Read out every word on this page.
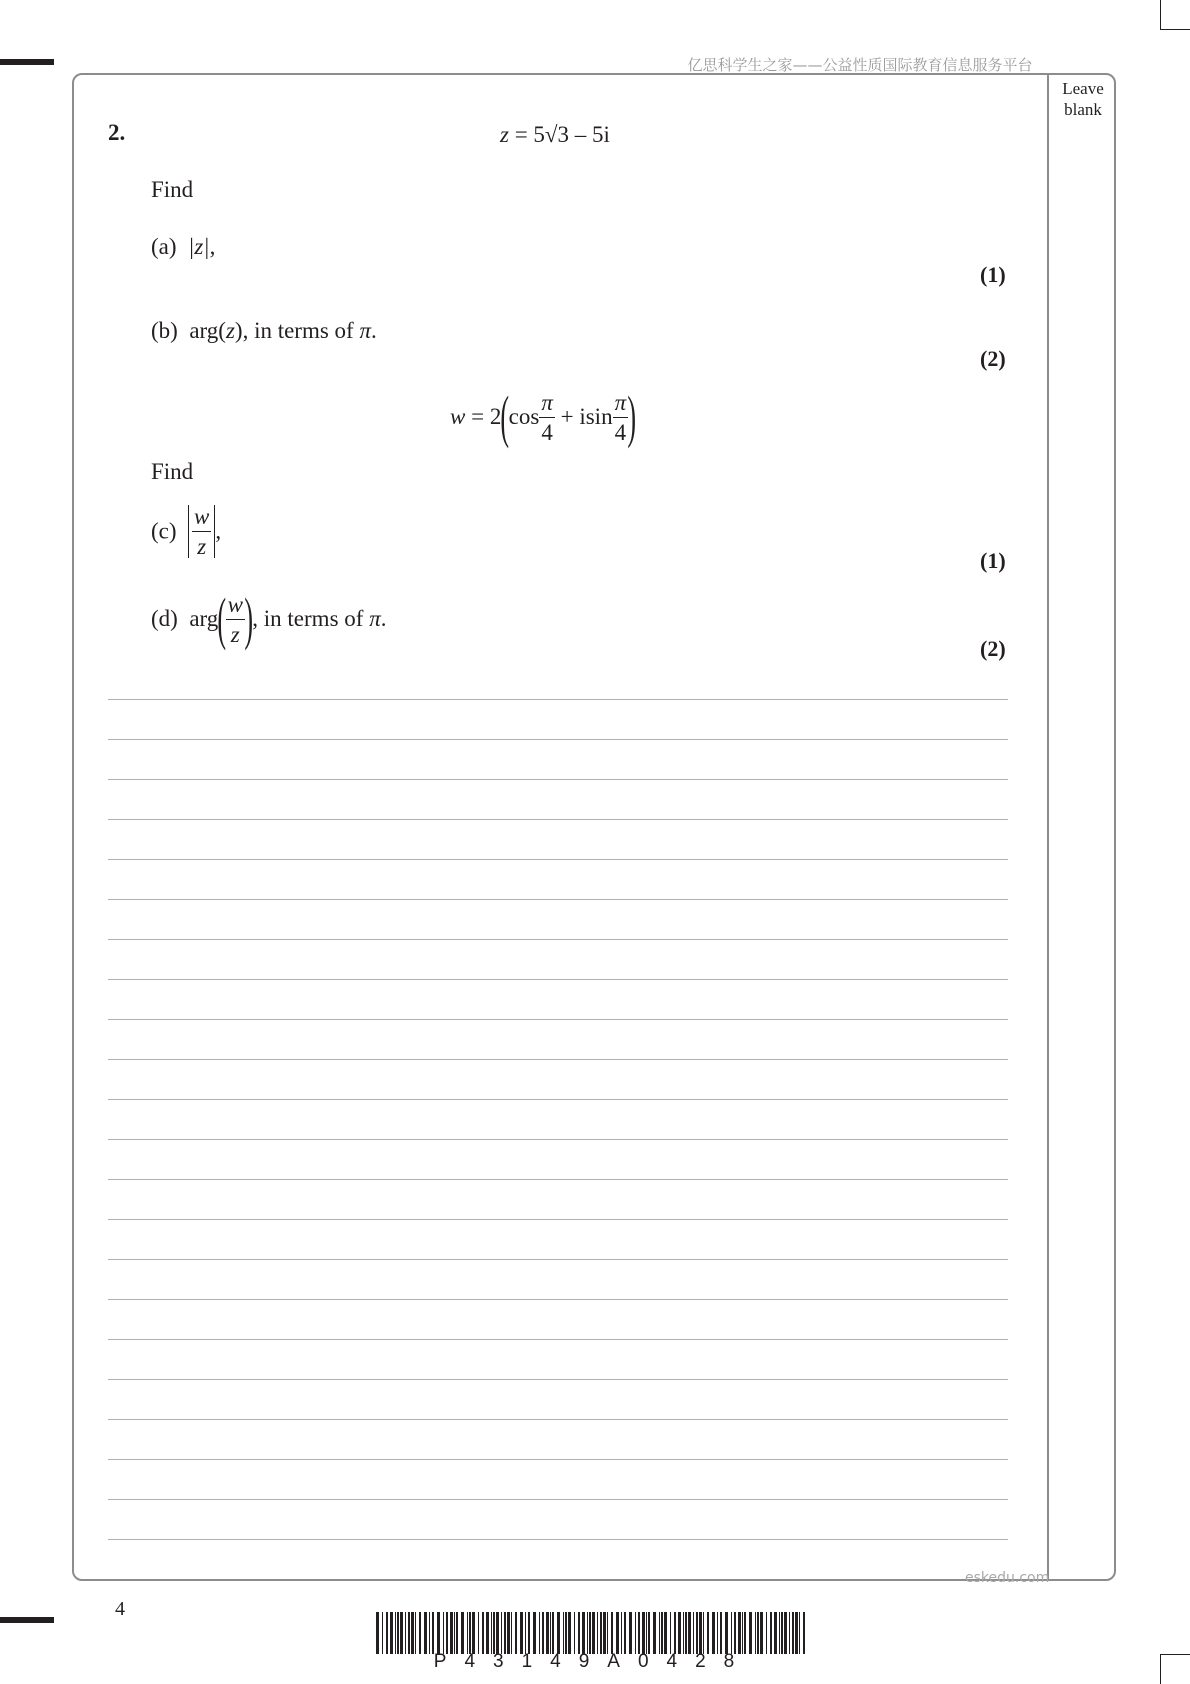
亿思科学生之家——公益性质国际教育信息服务平台
Leave
blank
2.	z = 5√3 – 5i
Find
(a) |z|,
(1)
(b) arg(z), in terms of π.
(2)
$w = 2(\cos \frac{\pi}{4} + isin \frac{\pi}{4}$ )
Find
$(c) \frac{w}{z}$ ,
(1)
(d) $arg( \frac{w}{z}$ ), in terms of π.
(2)
4
eskedu.com
P43149A0428
